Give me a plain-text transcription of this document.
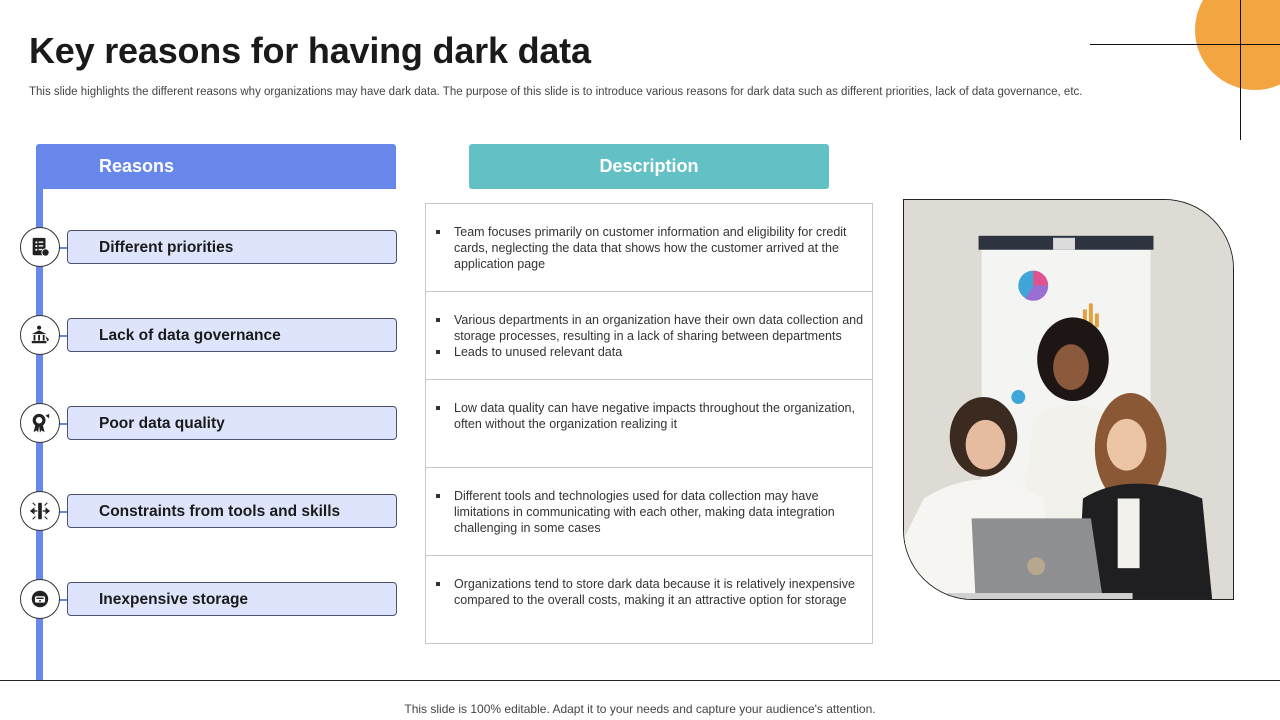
Key reasons for having dark data

This slide highlights the different reasons why organizations may have dark data. The purpose of this slide is to introduce various reasons for dark data such as different priorities, lack of data governance, etc.

Reasons
Different priorities
Lack of data governance
Poor data quality
Constraints from tools and skills
Inexpensive storage
Description

Team focuses primarily on customer information and eligibility for credit cards, neglecting the data that shows how the customer arrived at the application page

Various departments in an organization have their own data collection and storage processes, resulting in a lack of sharing between departments

Leads to unused relevant data

Low data quality can have negative impacts throughout the organization, often without the organization realizing it

Different tools and technologies used for data collection may have limitations in communicating with each other, making data integration challenging in some cases

Organizations tend to store dark data because it is relatively inexpensive compared to the overall costs, making it an attractive option for storage

This slide is 100% editable. Adapt it to your needs and capture your audience's attention.
